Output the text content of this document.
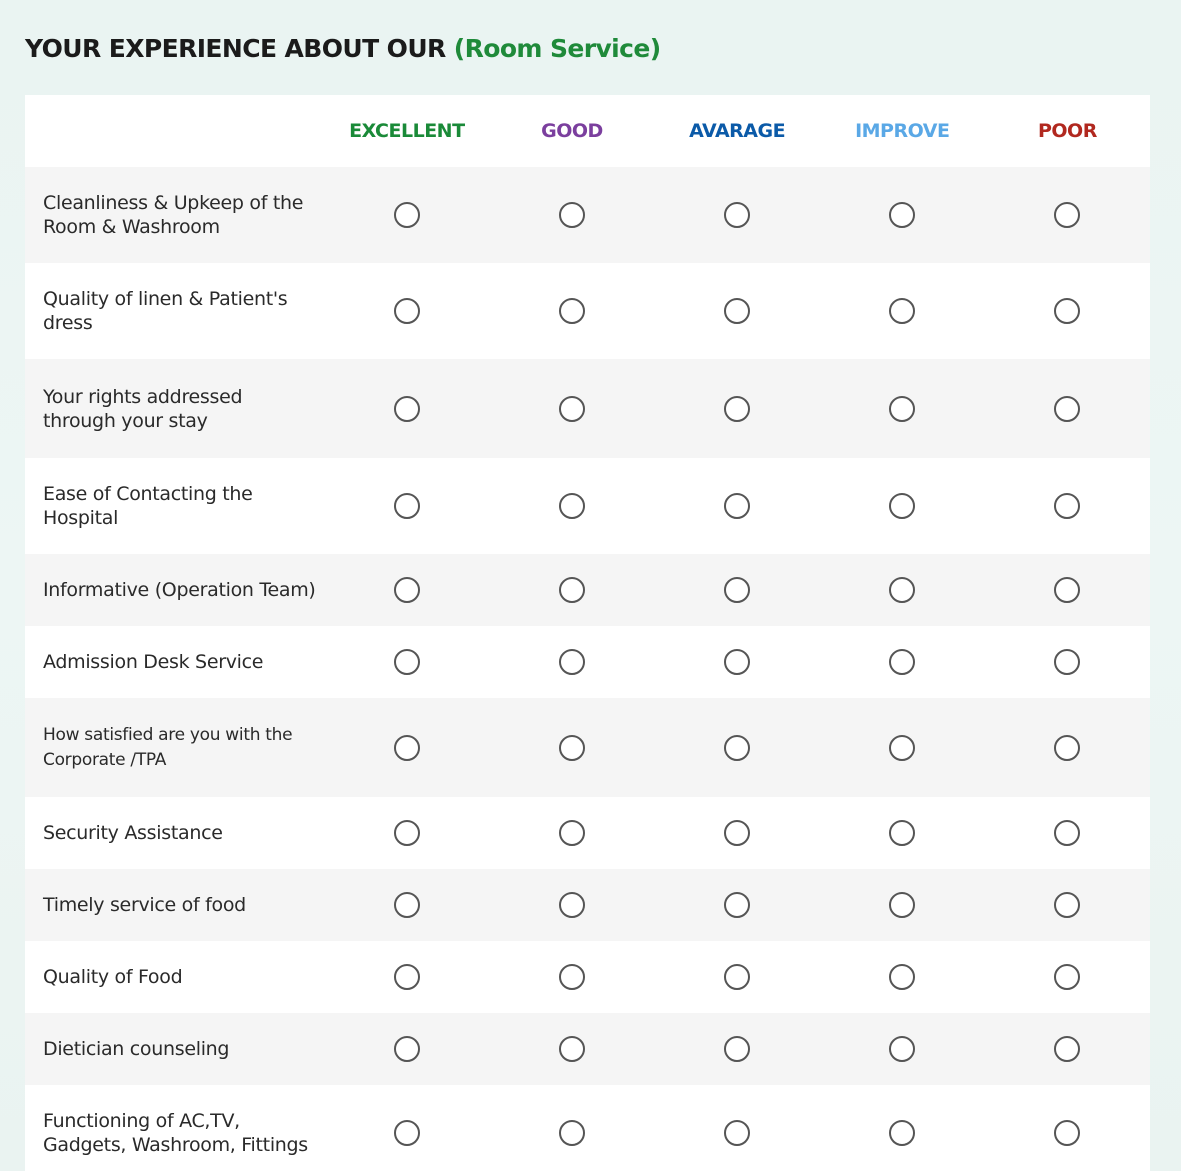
YOUR EXPERIENCE ABOUT OUR (Room Service)
	EXCELLENT	GOOD	AVARAGE	IMPROVE	POOR
Cleanliness & Upkeep of the Room & Washroom					
Quality of linen & Patient's dress					
Your rights addressed through your stay					
Ease of Contacting the Hospital					
Informative (Operation Team)					
Admission Desk Service					
How satisfied are you with the Corporate /TPA					
Security Assistance					
Timely service of food					
Quality of Food					
Dietician counseling					
Functioning of AC,TV, Gadgets, Washroom, Fittings					
